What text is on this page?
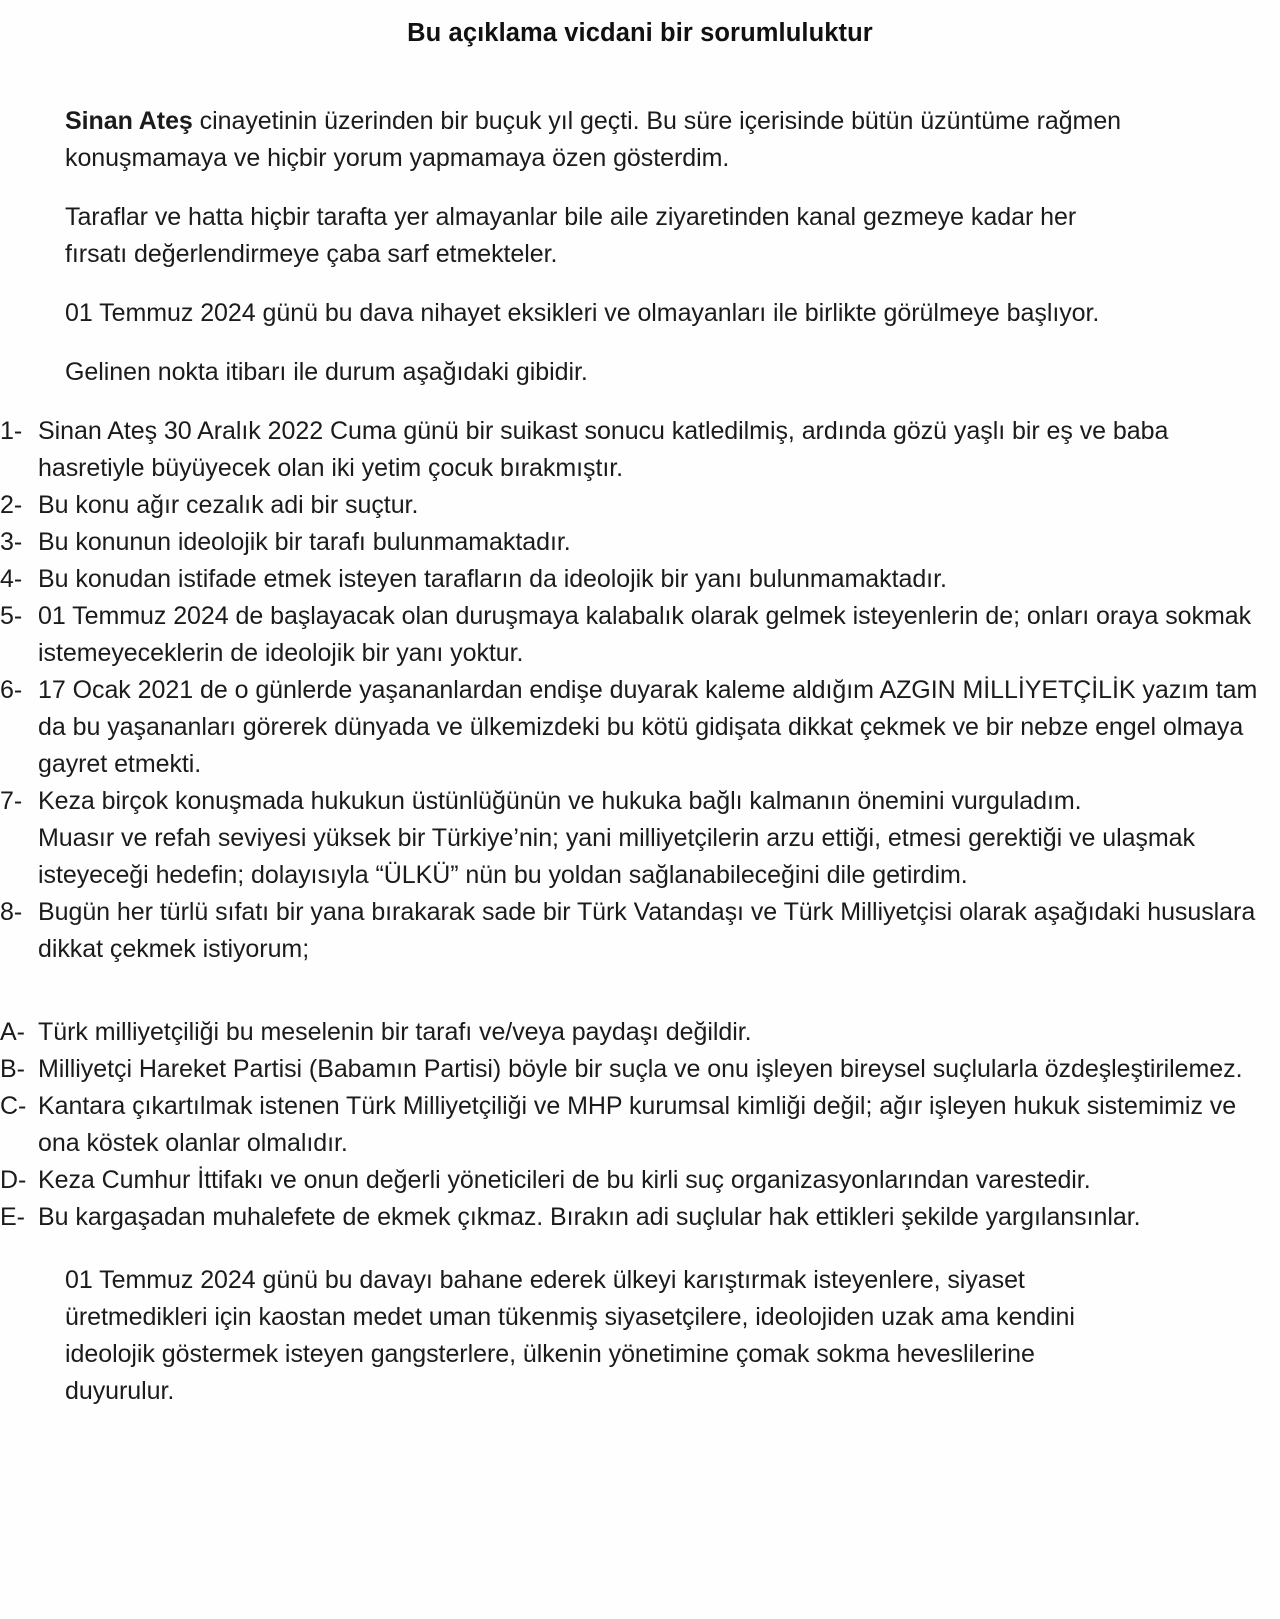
Bu açıklama vicdani bir sorumluluktur

Sinan Ateş cinayetinin üzerinden bir buçuk yıl geçti. Bu süre içerisinde bütün üzüntüme rağmen konuşmamaya ve hiçbir yorum yapmamaya özen gösterdim.

Taraflar ve hatta hiçbir tarafta yer almayanlar bile aile ziyaretinden kanal gezmeye kadar her fırsatı değerlendirmeye çaba sarf etmekteler.

01 Temmuz 2024 günü bu dava nihayet eksikleri ve olmayanları ile birlikte görülmeye başlıyor.

Gelinen nokta itibarı ile durum aşağıdaki gibidir.

1- Sinan Ateş 30 Aralık 2022 Cuma günü bir suikast sonucu katledilmiş, ardında gözü yaşlı bir eş ve baba hasretiyle büyüyecek olan iki yetim çocuk bırakmıştır.
2- Bu konu ağır cezalık adi bir suçtur.
3- Bu konunun ideolojik bir tarafı bulunmamaktadır.
4- Bu konudan istifade etmek isteyen tarafların da ideolojik bir yanı bulunmamaktadır.
5- 01 Temmuz 2024 de başlayacak olan duruşmaya kalabalık olarak gelmek isteyenlerin de; onları oraya sokmak istemeyeceklerin de ideolojik bir yanı yoktur.
6- 17 Ocak 2021 de o günlerde yaşananlardan endişe duyarak kaleme aldığım AZGIN MİLLİYETÇİLİK yazım tam da bu yaşananları görerek dünyada ve ülkemizdeki bu kötü gidişata dikkat çekmek ve bir nebze engel olmaya gayret etmekti.
7- Keza birçok konuşmada hukukun üstünlüğünün ve hukuka bağlı kalmanın önemini vurguladım.
Muasır ve refah seviyesi yüksek bir Türkiye’nin; yani milliyetçilerin arzu ettiği, etmesi gerektiği ve ulaşmak isteyeceği hedefin; dolayısıyla “ÜLKÜ” nün bu yoldan sağlanabileceğini dile getirdim.
8- Bugün her türlü sıfatı bir yana bırakarak sade bir Türk Vatandaşı ve Türk Milliyetçisi olarak aşağıdaki hususlara dikkat çekmek istiyorum;
A- Türk milliyetçiliği bu meselenin bir tarafı ve/veya paydaşı değildir.
B- Milliyetçi Hareket Partisi (Babamın Partisi) böyle bir suçla ve onu işleyen bireysel suçlularla özdeşleştirilemez.
C- Kantara çıkartılmak istenen Türk Milliyetçiliği ve MHP kurumsal kimliği değil; ağır işleyen hukuk sistemimiz ve ona köstek olanlar olmalıdır.
D- Keza Cumhur İttifakı ve onun değerli yöneticileri de bu kirli suç organizasyonlarından varestedir.
E- Bu kargaşadan muhalefete de ekmek çıkmaz. Bırakın adi suçlular hak ettikleri şekilde yargılansınlar.

01 Temmuz 2024 günü bu davayı bahane ederek ülkeyi karıştırmak isteyenlere, siyaset üretmedikleri için kaostan medet uman tükenmiş siyasetçilere, ideolojiden uzak ama kendini ideolojik göstermek isteyen gangsterlere, ülkenin yönetimine çomak sokma heveslilerine duyurulur.
